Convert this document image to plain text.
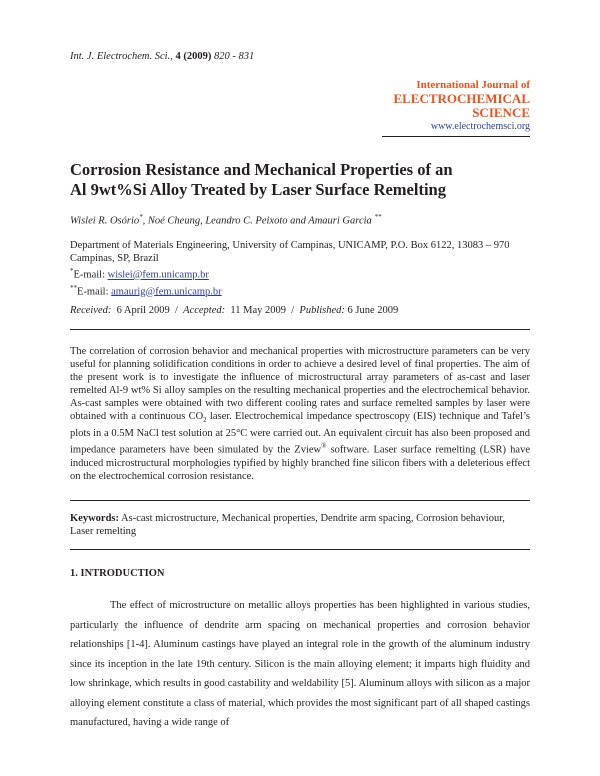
Int. J. Electrochem. Sci., 4 (2009) 820 - 831
International Journal of
ELECTROCHEMICAL
SCIENCE
www.electrochemsci.org
Corrosion Resistance and Mechanical Properties of an
Al 9wt%Si Alloy Treated by Laser Surface Remelting
Wislei R. Osório*, Noé Cheung, Leandro C. Peixoto and Amauri Garcia **
Department of Materials Engineering, University of Campinas, UNICAMP, P.O. Box 6122, 13083 – 970 Campinas, SP, Brazil
*E-mail: wislei@fem.unicamp.br
**E-mail: amaurig@fem.unicamp.br
Received: 6 April 2009 / Accepted: 11 May 2009 / Published: 6 June 2009
The correlation of corrosion behavior and mechanical properties with microstructure parameters can be very useful for planning solidification conditions in order to achieve a desired level of final properties. The aim of the present work is to investigate the influence of microstructural array parameters of as-cast and laser remelted Al-9 wt% Si alloy samples on the resulting mechanical properties and the electrochemical behavior. As-cast samples were obtained with two different cooling rates and surface remelted samples by laser were obtained with a continuous $CO_2$ laser. Electrochemical impedance spectroscopy (EIS) technique and Tafel’s plots in a 0.5M NaCl test solution at 25°C were carried out. An equivalent circuit has also been proposed and impedance parameters have been simulated by the Zview® software. Laser surface remelting (LSR) have induced microstructural morphologies typified by highly branched fine silicon fibers with a deleterious effect on the electrochemical corrosion resistance.
Keywords: As-cast microstructure, Mechanical properties, Dendrite arm spacing, Corrosion behaviour, Laser remelting
1. INTRODUCTION
The effect of microstructure on metallic alloys properties has been highlighted in various studies, particularly the influence of dendrite arm spacing on mechanical properties and corrosion behavior relationships [1-4]. Aluminum castings have played an integral role in the growth of the aluminum industry since its inception in the late 19th century. Silicon is the main alloying element; it imparts high fluidity and low shrinkage, which results in good castability and weldability [5]. Aluminum alloys with silicon as a major alloying element constitute a class of material, which provides the most significant part of all shaped castings manufactured, having a wide range of
